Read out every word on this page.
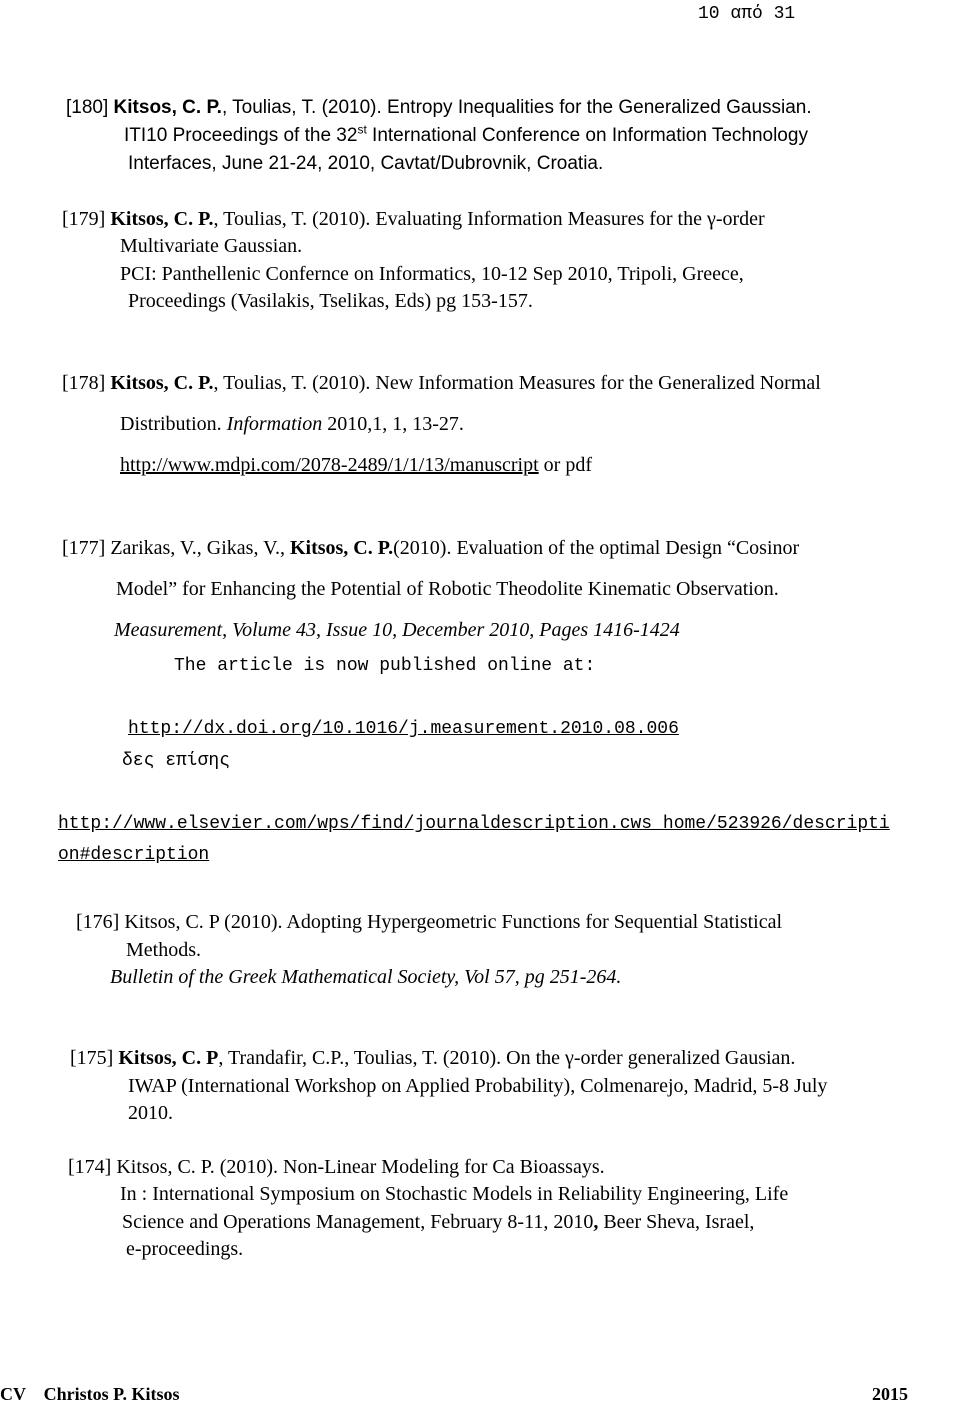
10 από 31
[180] Kitsos, C. P., Toulias, T. (2010). Entropy Inequalities for the Generalized Gaussian.
ITI10 Proceedings of the 32st International Conference on Information Technology
Interfaces, June 21-24, 2010, Cavtat/Dubrovnik, Croatia.
[179] Kitsos, C. P., Toulias, T. (2010). Evaluating Information Measures for the γ-order
Multivariate Gaussian.
PCI: Panthellenic Confernce on Informatics, 10-12 Sep 2010, Tripoli, Greece,
Proceedings (Vasilakis, Tselikas, Eds) pg 153-157.
[178] Kitsos, C. P., Toulias, T. (2010). New Information Measures for the Generalized Normal
Distribution. Information 2010,1, 1, 13-27.
http://www.mdpi.com/2078-2489/1/1/13/manuscript or pdf
[177] Zarikas, V., Gikas, V., Kitsos, C. P.(2010). Evaluation of the optimal Design “Cosinor
Model” for Enhancing the Potential of Robotic Theodolite Kinematic Observation.
Measurement, Volume 43, Issue 10, December 2010, Pages 1416-1424
The article is now published online at:
http://dx.doi.org/10.1016/j.measurement.2010.08.006
δες επίσης
http://www.elsevier.com/wps/find/journaldescription.cws_home/523926/descripti
on#description
[176] Kitsos, C. P (2010). Adopting Hypergeometric Functions for Sequential Statistical
Methods.
Bulletin of the Greek Mathematical Society, Vol 57, pg 251-264.
[175] Kitsos, C. P, Trandafir, C.P., Toulias, T. (2010). On the γ-order generalized Gausian.
IWAP (International Workshop on Applied Probability), Colmenarejo, Madrid, 5-8 July
2010.
[174] Kitsos, C. P. (2010). Non-Linear Modeling for Ca Bioassays.
In : International Symposium on Stochastic Models in Reliability Engineering, Life
Science and Operations Management, February 8-11, 2010, Beer Sheva, Israel,
e-proceedings.
CV    Christos P. Kitsos	2015
